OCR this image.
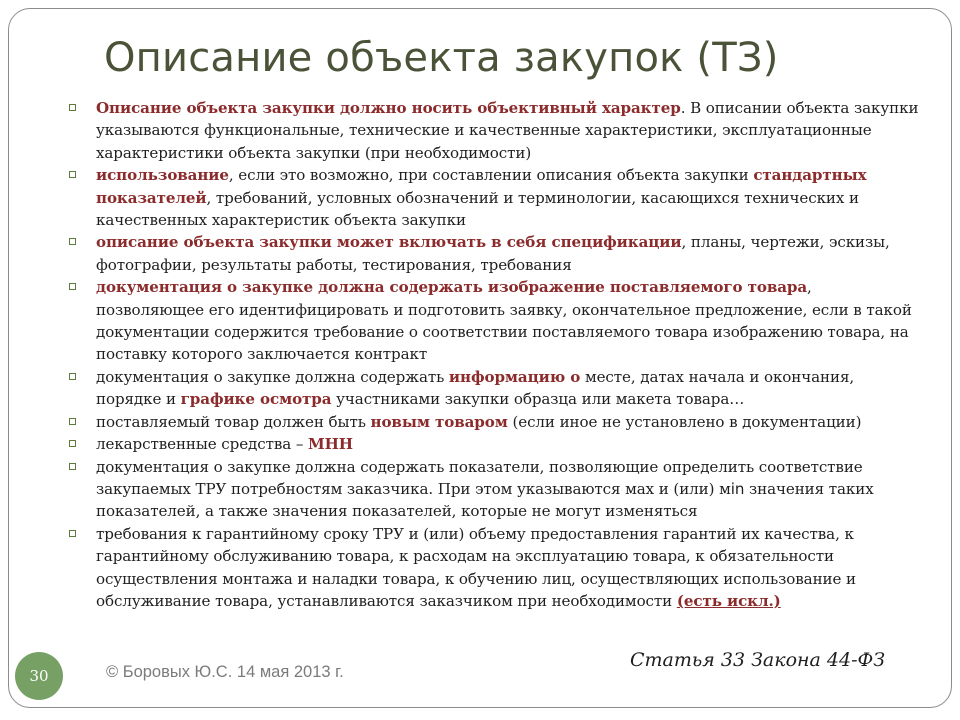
Описание объекта закупок (ТЗ)
Описание объекта закупки должно носить объективный характер. В описании объекта закупки указываются функциональные, технические и качественные характеристики, эксплуатационные характеристики объекта закупки (при необходимости)
использование, если это возможно, при составлении описания объекта закупки стандартных показателей, требований, условных обозначений и терминологии, касающихся технических и качественных характеристик объекта закупки
описание объекта закупки может включать в себя спецификации, планы, чертежи, эскизы, фотографии, результаты работы, тестирования, требования
документация о закупке должна содержать изображение поставляемого товара, позволяющее его идентифицировать и подготовить заявку, окончательное предложение, если в такой документации содержится требование о соответствии поставляемого товара изображению товара, на поставку которого заключается контракт
документация о закупке должна содержать информацию о месте, датах начала и окончания, порядке и графике осмотра участниками закупки образца или макета товара…
поставляемый товар должен быть новым товаром (если иное не установлено в документации)
лекарственные средства – МНН
документация о закупке должна содержать показатели, позволяющие определить соответствие закупаемых ТРУ потребностям заказчика. При этом указываются мах и (или) мin значения таких показателей, а также значения показателей, которые не могут изменяться
требования к гарантийному сроку ТРУ и (или) объему предоставления гарантий их качества, к гарантийному обслуживанию товара, к расходам на эксплуатацию товара, к обязательности осуществления монтажа и наладки товара, к обучению лиц, осуществляющих использование и обслуживание товара, устанавливаются заказчиком при необходимости (есть искл.)
30	© Боровых Ю.С. 14 мая 2013 г.
Статья 33 Закона 44-ФЗ
